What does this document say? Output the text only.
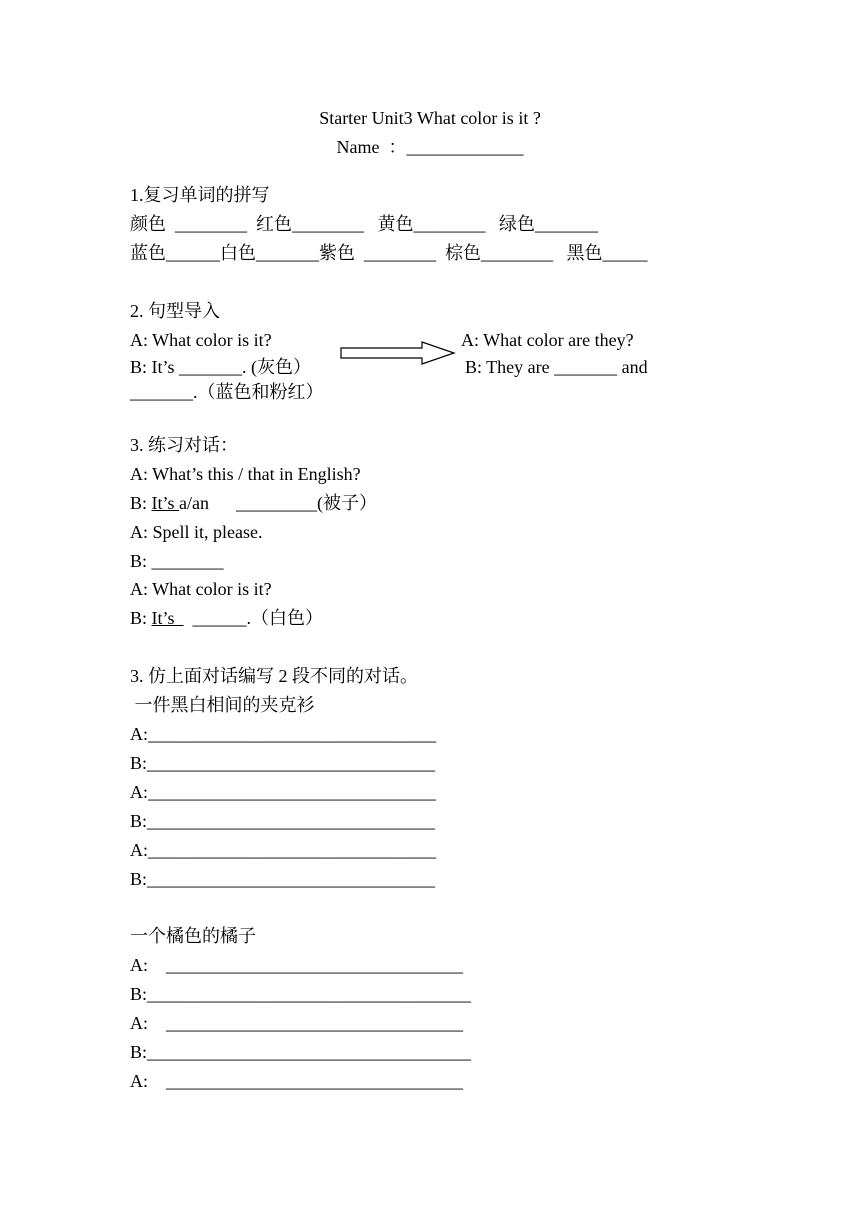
Starter Unit3 What color is it ?
Name  ：_____________
1.复习单词的拼写
颜色  ________  红色________   黄色________   绿色_______
蓝色______白色_______紫色  ________  棕色________   黑色_____
2. 句型导入
A: What color is it?
B: It’s _______. (灰色）
A: What color are they?
B: They are _______ and
_______.（蓝色和粉红）
3. 练习对话：
A: What’s this / that in English?
B: It’s a/an      _________(被子）
A: Spell it, please.
B: ________
A: What color is it?
B: It’s    ______.（白色）
3. 仿上面对话编写 2 段不同的对话。
一件黑白相间的夹克衫
A:________________________________
B:________________________________
A:________________________________
B:________________________________
A:________________________________
B:________________________________
一个橘色的橘子
A:    _________________________________
B:____________________________________
A:    _________________________________
B:____________________________________
A:    _________________________________
